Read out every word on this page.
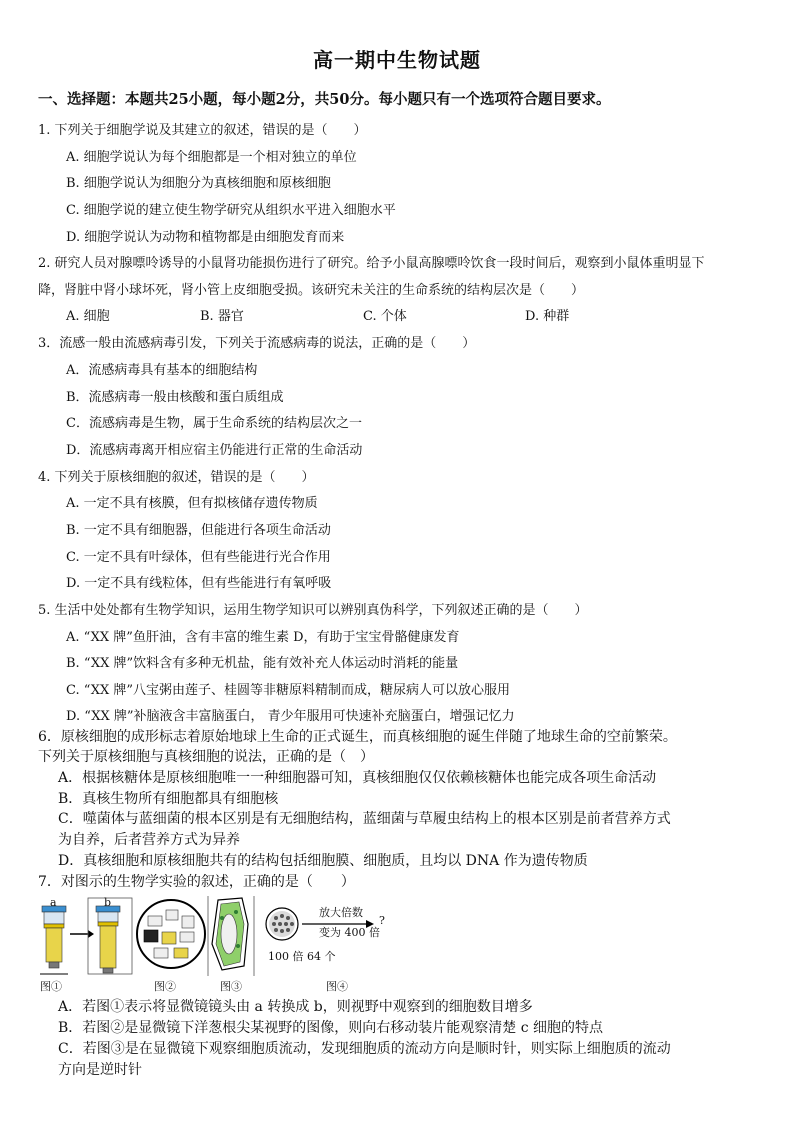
高一期中生物试题
一、选择题：本题共25小题，每小题2分，共50分。每小题只有一个选项符合题目要求。
1. 下列关于细胞学说及其建立的叙述，错误的是（　　）
A. 细胞学说认为每个细胞都是一个相对独立的单位
B. 细胞学说认为细胞分为真核细胞和原核细胞
C. 细胞学说的建立使生物学研究从组织水平进入细胞水平
D. 细胞学说认为动物和植物都是由细胞发育而来
2. 研究人员对腺嘌呤诱导的小鼠肾功能损伤进行了研究。给予小鼠高腺嘌呤饮食一段时间后，观察到小鼠体重明显下
降，肾脏中肾小球坏死，肾小管上皮细胞受损。该研究未关注的生命系统的结构层次是（　　）
A. 细胞	B. 器官	C. 个体	D. 种群
3．流感一般由流感病毒引发，下列关于流感病毒的说法，正确的是（　　）
A．流感病毒具有基本的细胞结构
B．流感病毒一般由核酸和蛋白质组成
C．流感病毒是生物，属于生命系统的结构层次之一
D．流感病毒离开相应宿主仍能进行正常的生命活动
4. 下列关于原核细胞的叙述，错误的是（　　）
A. 一定不具有核膜，但有拟核储存遗传物质
B. 一定不具有细胞器，但能进行各项生命活动
C. 一定不具有叶绿体，但有些能进行光合作用
D. 一定不具有线粒体，但有些能进行有氧呼吸
5. 生活中处处都有生物学知识，运用生物学知识可以辨别真伪科学，下列叙述正确的是（　　）
A. “XX 牌”鱼肝油，含有丰富的维生素 D，有助于宝宝骨骼健康发育
B. “XX 牌”饮料含有多种无机盐，能有效补充人体运动时消耗的能量
C. “XX 牌”八宝粥由莲子、桂圆等非糖原料精制而成，糖尿病人可以放心服用
D. “XX 牌”补脑液含丰富脑蛋白， 青少年服用可快速补充脑蛋白，增强记忆力
6．原核细胞的成形标志着原始地球上生命的正式诞生，而真核细胞的诞生伴随了地球生命的空前繁荣。
下列关于原核细胞与真核细胞的说法，正确的是（　）
A．根据核糖体是原核细胞唯一一种细胞器可知，真核细胞仅仅依赖核糖体也能完成各项生命活动
B．真核生物所有细胞都具有细胞核
C．噬菌体与蓝细菌的根本区别是有无细胞结构，蓝细菌与草履虫结构上的根本区别是前者营养方式
为自养，后者营养方式为异养
D．真核细胞和原核细胞共有的结构包括细胞膜、细胞质，且均以 DNA 作为遗传物质
7．对图示的生物学实验的叙述，正确的是（　　）
a	b
放大倍数
变为 400 倍
?
100 倍 64 个
图①	图②	图③	图④
A．若图①表示将显微镜镜头由 a 转换成 b，则视野中观察到的细胞数目增多
B．若图②是显微镜下洋葱根尖某视野的图像，则向右移动装片能观察清楚 c 细胞的特点
C．若图③是在显微镜下观察细胞质流动，发现细胞质的流动方向是顺时针，则实际上细胞质的流动
方向是逆时针
